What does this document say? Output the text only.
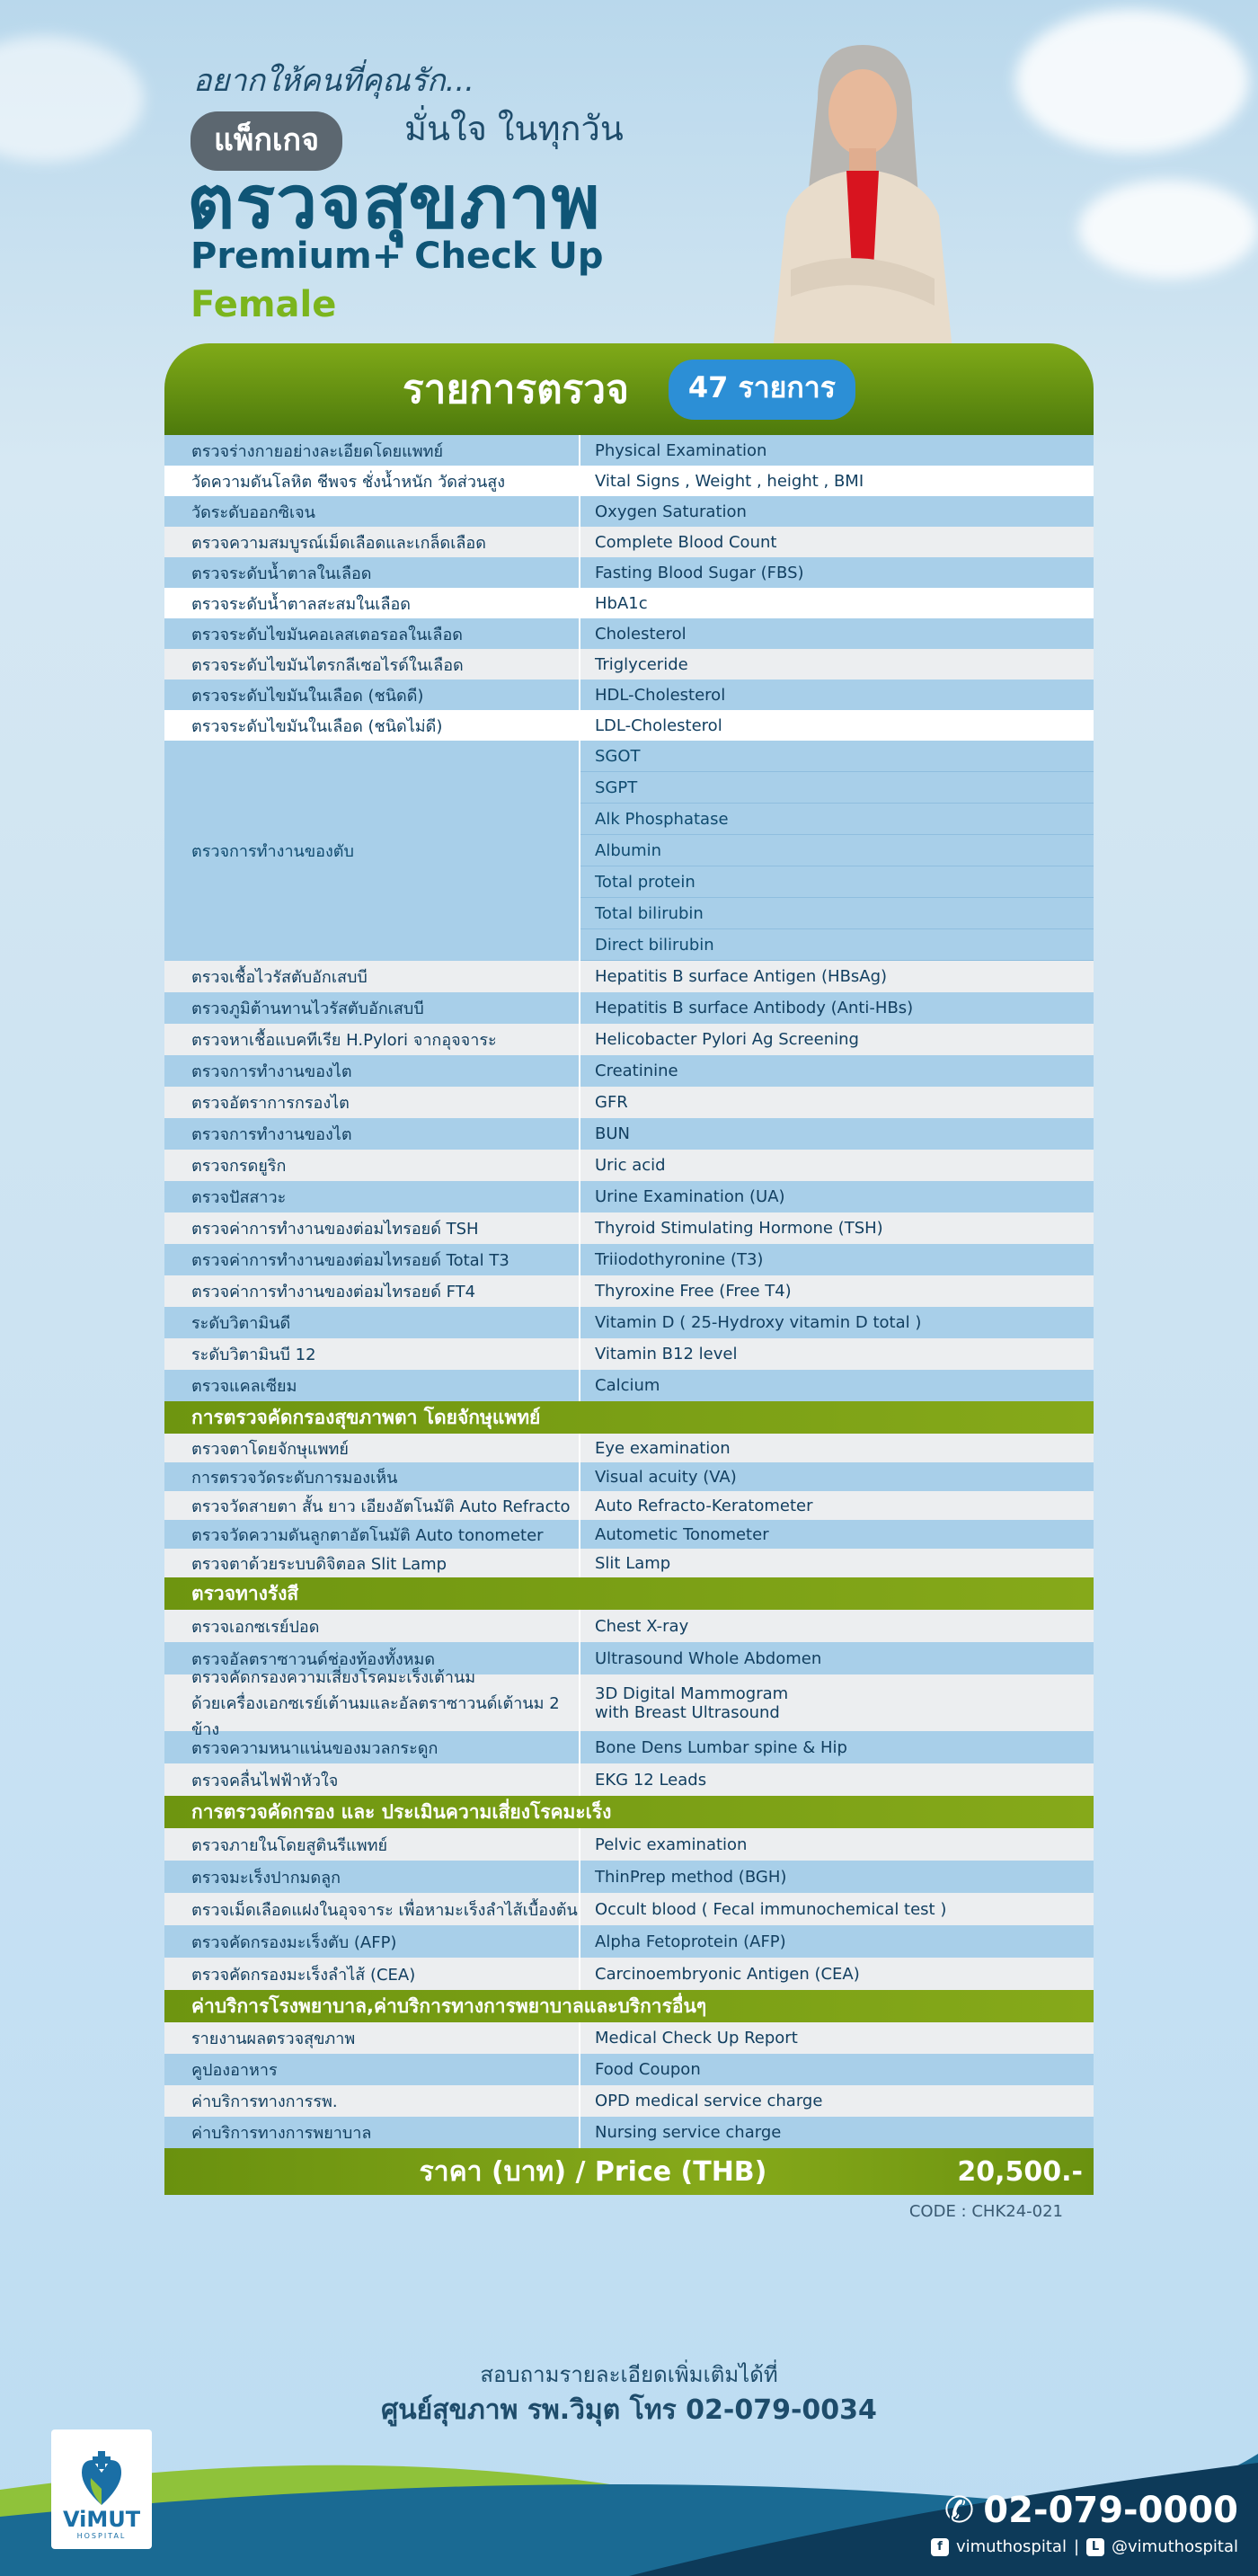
อยากให้คนที่คุณรัก...
มั่นใจ ในทุกวัน
แพ็กเกจ
ตรวจสุขภาพ
Premium+ Check Up
Female
รายการตรวจ	47 รายการ
ตรวจร่างกายอย่างละเอียดโดยแพทย์	Physical Examination
วัดความดันโลหิต ชีพจร ชั่งน้ำหนัก วัดส่วนสูง	Vital Signs , Weight , height , BMI
วัดระดับออกซิเจน	Oxygen Saturation
ตรวจความสมบูรณ์เม็ดเลือดและเกล็ดเลือด	Complete Blood Count
ตรวจระดับน้ำตาลในเลือด	Fasting Blood Sugar (FBS)
ตรวจระดับน้ำตาลสะสมในเลือด	HbA1c
ตรวจระดับไขมันคอเลสเตอรอลในเลือด	Cholesterol
ตรวจระดับไขมันไตรกลีเซอไรด์ในเลือด	Triglyceride
ตรวจระดับไขมันในเลือด (ชนิดดี)	HDL-Cholesterol
ตรวจระดับไขมันในเลือด (ชนิดไม่ดี)	LDL-Cholesterol
ตรวจการทำงานของตับ
SGOT
SGPT
Alk Phosphatase
Albumin
Total protein
Total bilirubin
Direct bilirubin
ตรวจเชื้อไวรัสตับอักเสบบี	Hepatitis B surface Antigen (HBsAg)
ตรวจภูมิต้านทานไวรัสตับอักเสบบี	Hepatitis B surface Antibody (Anti-HBs)
ตรวจหาเชื้อแบคทีเรีย H.Pylori จากอุจจาระ	Helicobacter Pylori Ag Screening
ตรวจการทำงานของไต	Creatinine
ตรวจอัตราการกรองไต	GFR
ตรวจการทำงานของไต	BUN
ตรวจกรดยูริก	Uric acid
ตรวจปัสสาวะ	Urine Examination (UA)
ตรวจค่าการทำงานของต่อมไทรอยด์ TSH	Thyroid Stimulating Hormone (TSH)
ตรวจค่าการทำงานของต่อมไทรอยด์ Total T3	Triiodothyronine (T3)
ตรวจค่าการทำงานของต่อมไทรอยด์ FT4	Thyroxine Free (Free T4)
ระดับวิตามินดี	Vitamin D ( 25-Hydroxy vitamin D total )
ระดับวิตามินบี 12	Vitamin B12 level
ตรวจแคลเซียม	Calcium
การตรวจคัดกรองสุขภาพตา โดยจักษุแพทย์
ตรวจตาโดยจักษุแพทย์	Eye examination
การตรวจวัดระดับการมองเห็น	Visual acuity (VA)
ตรวจวัดสายตา สั้น ยาว เอียงอัตโนมัติ Auto Refracto	Auto Refracto-Keratometer
ตรวจวัดความดันลูกตาอัตโนมัติ Auto tonometer	Autometic Tonometer
ตรวจตาด้วยระบบดิจิตอล Slit Lamp	Slit Lamp
ตรวจทางรังสี
ตรวจเอกซเรย์ปอด	Chest X-ray
ตรวจอัลตราซาวนด์ช่องท้องทั้งหมด	Ultrasound Whole Abdomen
ตรวจคัดกรองความเสี่ยงโรคมะเร็งเต้านม
ด้วยเครื่องเอกซเรย์เต้านมและอัลตราซาวนด์เต้านม 2 ข้าง
3D Digital Mammogram
with Breast Ultrasound
ตรวจความหนาแน่นของมวลกระดูก	Bone Dens Lumbar spine & Hip
ตรวจคลื่นไฟฟ้าหัวใจ	EKG 12 Leads
การตรวจคัดกรอง และ ประเมินความเสี่ยงโรคมะเร็ง
ตรวจภายในโดยสูตินรีแพทย์	Pelvic examination
ตรวจมะเร็งปากมดลูก	ThinPrep method (BGH)
ตรวจเม็ดเลือดแฝงในอุจจาระ เพื่อหามะเร็งลำไส้เบื้องต้น	Occult blood ( Fecal immunochemical test )
ตรวจคัดกรองมะเร็งตับ (AFP)	Alpha Fetoprotein (AFP)
ตรวจคัดกรองมะเร็งลำไส้ (CEA)	Carcinoembryonic Antigen (CEA)
ค่าบริการโรงพยาบาล,ค่าบริการทางการพยาบาลและบริการอื่นๆ
รายงานผลตรวจสุขภาพ	Medical Check Up Report
คูปองอาหาร	Food Coupon
ค่าบริการทางการรพ.	OPD medical service charge
ค่าบริการทางการพยาบาล	Nursing service charge
ราคา (บาท) / Price (THB)	20,500.-
CODE : CHK24-021
สอบถามรายละเอียดเพิ่มเติมได้ที่
ศูนย์สุขภาพ รพ.วิมุต โทร 02-079-0034
ViMUT
HOSPITAL
✆ 02-079-0000
f vimuthospital |	L @vimuthospital
